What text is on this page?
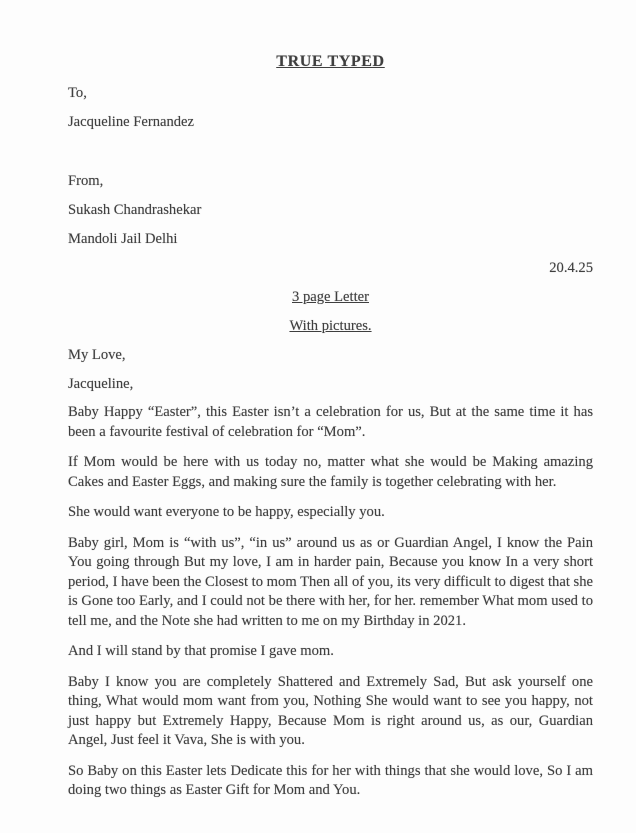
TRUE TYPED

To,

Jacqueline Fernandez

From,

Sukash Chandrashekar

Mandoli Jail Delhi

20.4.25

3 page Letter

With pictures.

My Love,

Jacqueline,

Baby Happy “Easter”, this Easter isn’t a celebration for us, But at the same time it has been a favourite festival of celebration for “Mom”.

If Mom would be here with us today no, matter what she would be Making amazing Cakes and Easter Eggs, and making sure the family is together celebrating with her.

She would want everyone to be happy, especially you.

Baby girl, Mom is “with us”, “in us” around us as or Guardian Angel, I know the Pain You going through But my love, I am in harder pain, Because you know In a very short period, I have been the Closest to mom Then all of you, its very difficult to digest that she is Gone too Early, and I could not be there with her, for her. remember What mom used to tell me, and the Note she had written to me on my Birthday in 2021.

And I will stand by that promise I gave mom.

Baby I know you are completely Shattered and Extremely Sad, But ask yourself one thing, What would mom want from you, Nothing She would want to see you happy, not just happy but Extremely Happy, Because Mom is right around us, as our, Guardian Angel, Just feel it Vava, She is with you.

So Baby on this Easter lets Dedicate this for her with things that she would love, So I am doing two things as Easter Gift for Mom and You.
